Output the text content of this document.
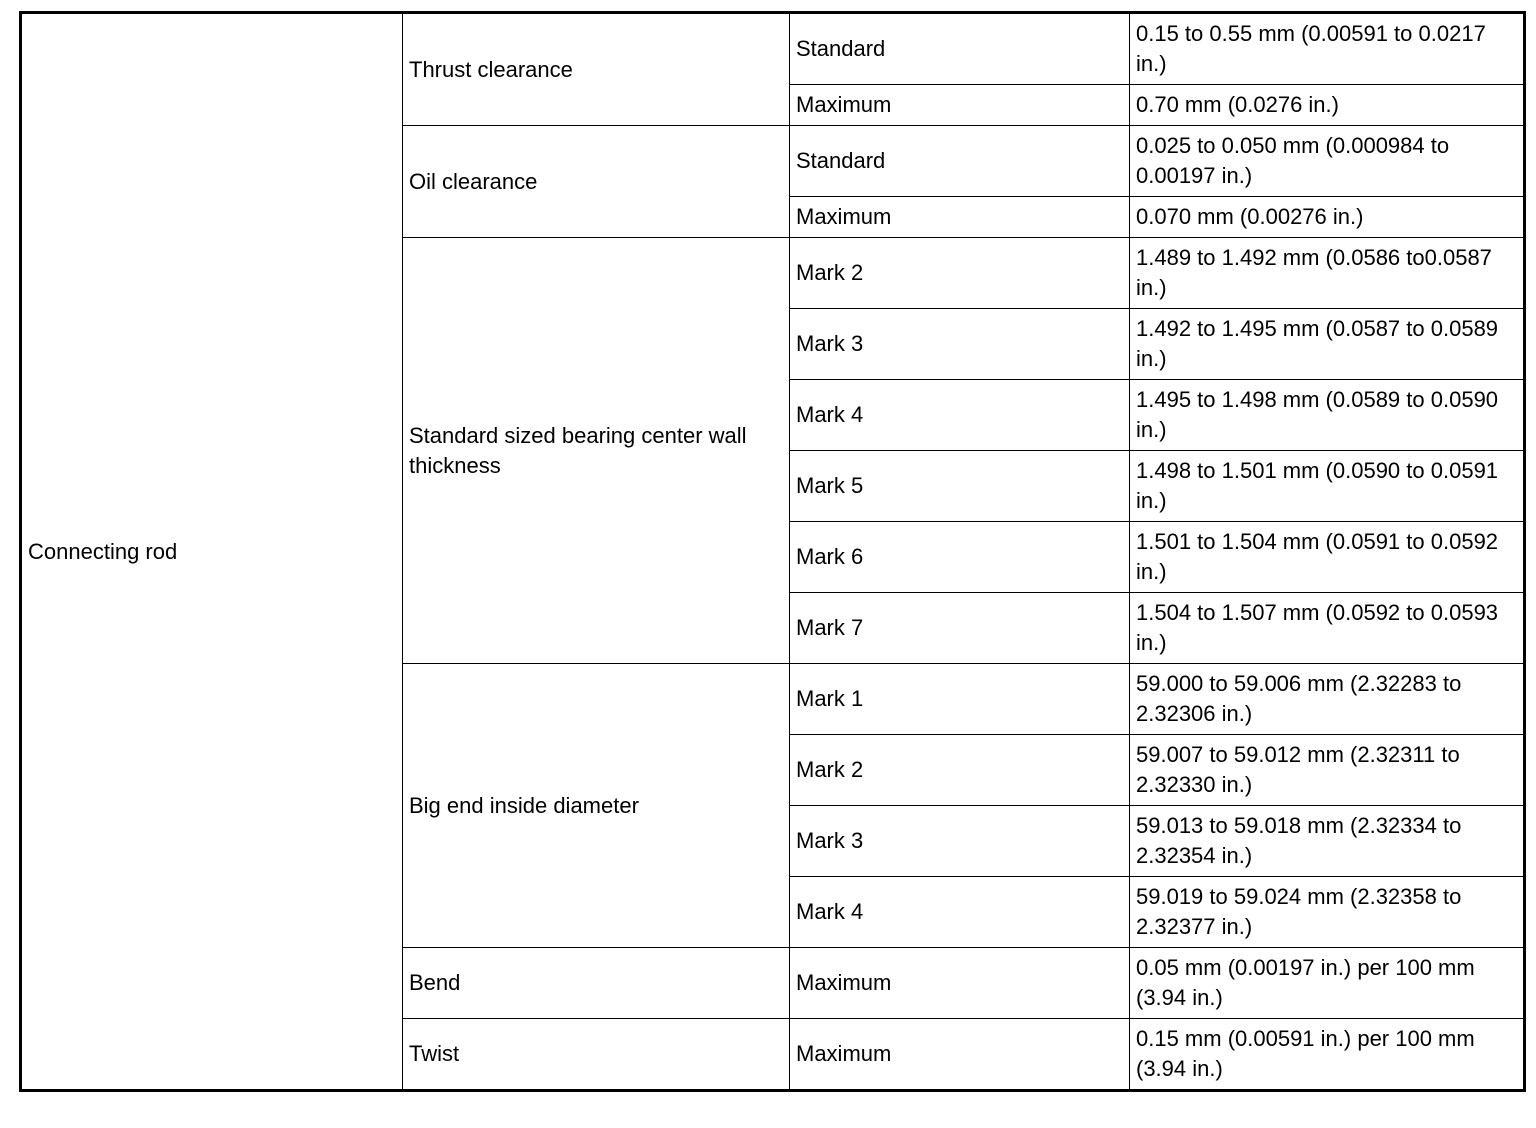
Connecting rod	Thrust clearance	Standard	0.15 to 0.55 mm (0.00591 to 0.0217 in.)
		Maximum	0.70 mm (0.0276 in.)
	Oil clearance	Standard	0.025 to 0.050 mm (0.000984 to 0.00197 in.)
		Maximum	0.070 mm (0.00276 in.)
	Standard sized bearing center wall thickness	Mark 2	1.489 to 1.492 mm (0.0586 to0.0587 in.)
		Mark 3	1.492 to 1.495 mm (0.0587 to 0.0589 in.)
		Mark 4	1.495 to 1.498 mm (0.0589 to 0.0590 in.)
		Mark 5	1.498 to 1.501 mm (0.0590 to 0.0591 in.)
		Mark 6	1.501 to 1.504 mm (0.0591 to 0.0592 in.)
		Mark 7	1.504 to 1.507 mm (0.0592 to 0.0593 in.)
	Big end inside diameter	Mark 1	59.000 to 59.006 mm (2.32283 to 2.32306 in.)
		Mark 2	59.007 to 59.012 mm (2.32311 to 2.32330 in.)
		Mark 3	59.013 to 59.018 mm (2.32334 to 2.32354 in.)
		Mark 4	59.019 to 59.024 mm (2.32358 to 2.32377 in.)
	Bend	Maximum	0.05 mm (0.00197 in.) per 100 mm (3.94 in.)
	Twist	Maximum	0.15 mm (0.00591 in.) per 100 mm (3.94 in.)
